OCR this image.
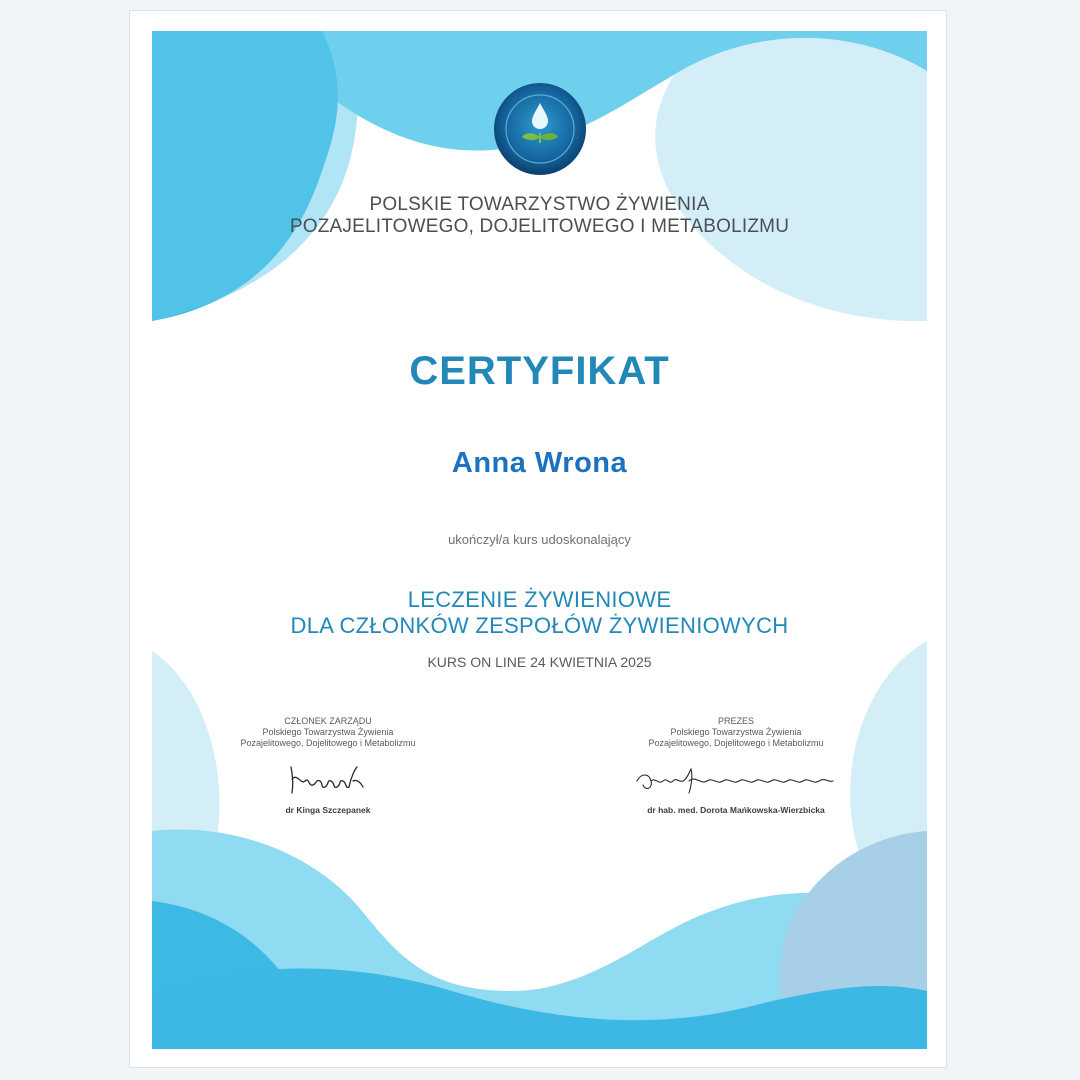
POLSKIE TOWARZYSTWO ŻYWIENIA
POZAJELITOWEGO, DOJELITOWEGO I METABOLIZMU
CERTYFIKAT
Anna Wrona
ukończył/a kurs udoskonalający
LECZENIE ŻYWIENIOWE
DLA CZŁONKÓW ZESPOŁÓW ŻYWIENIOWYCH
KURS ON LINE 24 KWIETNIA 2025
CZŁONEK ZARZĄDU
Polskiego Towarzystwa Żywienia
Pozajelitowego, Dojelitowego i Metabolizmu
dr Kinga Szczepanek
PREZES
Polskiego Towarzystwa Żywienia
Pozajelitowego, Dojelitowego i Metabolizmu
dr hab. med. Dorota Mańkowska-Wierzbicka
